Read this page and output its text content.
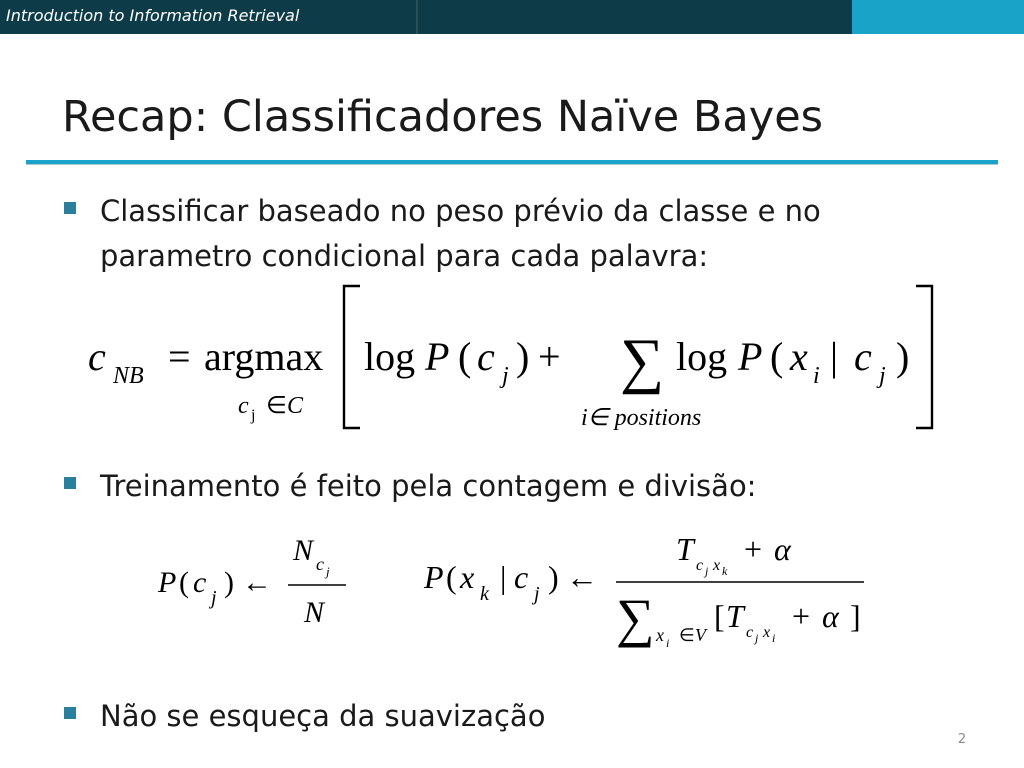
Introduction to Information Retrieval
Recap: Classificadores Naïve Bayes
Classificar baseado no peso prévio da classe e no parametro condicional para cada palavra:
c NB = argmax
c j ∈ C
log P ( c j ) + ∑ log P ( x i | c j )
i∈ positions
Treinamento é feito pela contagem e divisão:
P ( c j ) ←
N c j
N
P ( x k | c j ) ←
T c j x k
+ α
∑ x i ∈ V
[ T c j x i
+ α ]
Não se esqueça da suavização
2
